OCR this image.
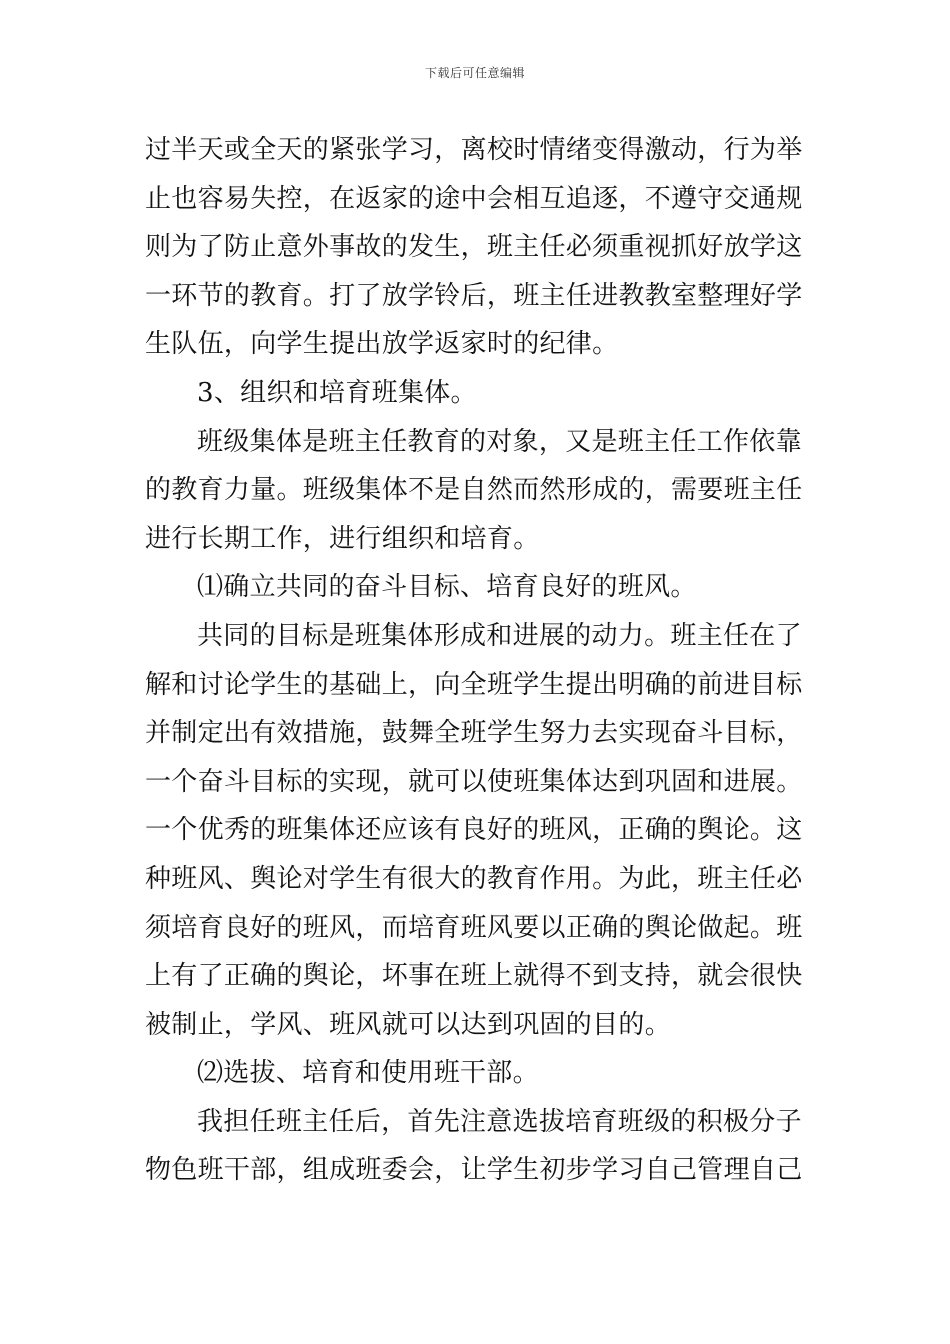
下载后可任意编辑
过半天或全天的紧张学习，离校时情绪变得激动，行为举
止也容易失控，在返家的途中会相互追逐，不遵守交通规
则为了防止意外事故的发生，班主任必须重视抓好放学这
一环节的教育。打了放学铃后，班主任进教教室整理好学
生队伍，向学生提出放学返家时的纪律。
3、组织和培育班集体。
班级集体是班主任教育的对象，又是班主任工作依靠
的教育力量。班级集体不是自然而然形成的，需要班主任
进行长期工作，进行组织和培育。
⑴确立共同的奋斗目标、培育良好的班风。
共同的目标是班集体形成和进展的动力。班主任在了
解和讨论学生的基础上，向全班学生提出明确的前进目标
并制定出有效措施，鼓舞全班学生努力去实现奋斗目标，
一个奋斗目标的实现，就可以使班集体达到巩固和进展。
一个优秀的班集体还应该有良好的班风，正确的舆论。这
种班风、舆论对学生有很大的教育作用。为此，班主任必
须培育良好的班风，而培育班风要以正确的舆论做起。班
上有了正确的舆论，坏事在班上就得不到支持，就会很快
被制止，学风、班风就可以达到巩固的目的。
⑵选拔、培育和使用班干部。
我担任班主任后，首先注意选拔培育班级的积极分子
物色班干部，组成班委会，让学生初步学习自己管理自己
